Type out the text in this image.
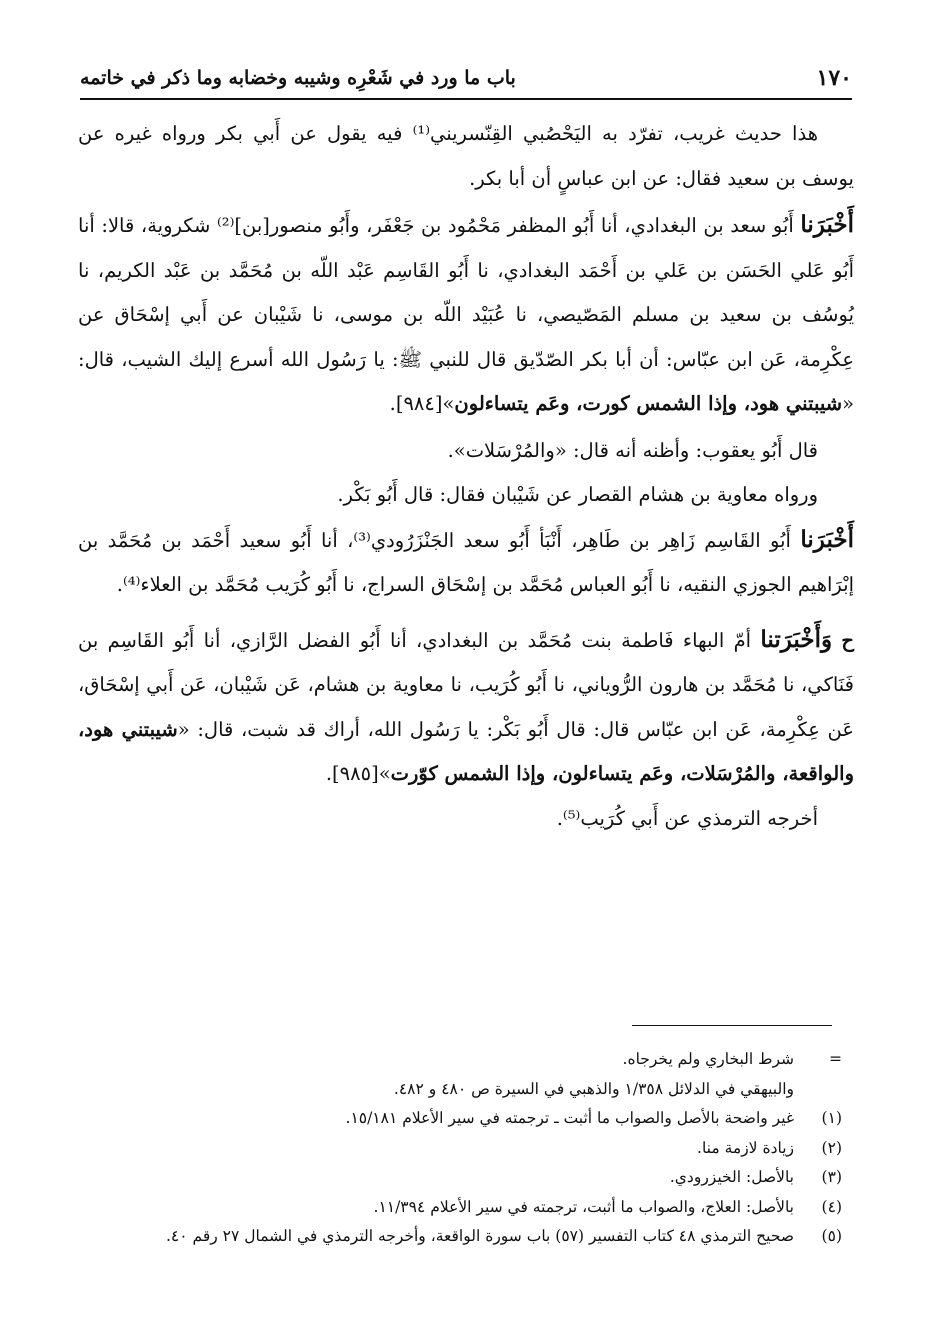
١٧٠
باب ما ورد في شَعْرِه وشيبه وخضابه وما ذكر في خاتمه

هذا حديث غريب، تفرّد به اليَحْصُبي القِنّسريني⁽¹⁾ فيه يقول عن أَبي بكر ورواه غيره عن يوسف بن سعيد فقال: عن ابن عباسٍ أن أبا بكر.

أَخْبَرَنا أَبُو سعد بن البغدادي، أنا أَبُو المظفر مَحْمُود بن جَعْفَر، وأَبُو منصور[بن]⁽²⁾ شكروية، قالا: أنا أَبُو عَلي الحَسَن بن عَلي بن أَحْمَد البغدادي، نا أَبُو القَاسِم عَبْد اللّه بن مُحَمَّد بن عَبْد الكريم، نا يُوسُف بن سعيد بن مسلم المَصّيصي، نا عُبَيْد اللّه بن موسى، نا شَيْبان عن أَبي إسْحَاق عن عِكْرِمة، عَن ابن عبّاس: أن أبا بكر الصّدّيق قال للنبي ﷺ: يا رَسُول الله أسرع إليك الشيب، قال: «شيبتني هود، وإذا الشمس كورت، وعَم يتساءلون»[٩٨٤].

قال أَبُو يعقوب: وأظنه أنه قال: «والمُرْسَلات».

ورواه معاوية بن هشام القصار عن شَيْبان فقال: قال أَبُو بَكْر.

أَخْبَرَنا أَبُو القَاسِم زَاهِر بن طَاهِر، أَنْبَأ أَبُو سعد الجَنْزَرُودي⁽³⁾، أنا أَبُو سعيد أَحْمَد بن مُحَمَّد بن إبْرَاهيم الجوزي النقيه، نا أَبُو العباس مُحَمَّد بن إسْحَاق السراج، نا أَبُو كُرَيب مُحَمَّد بن العلاء⁽⁴⁾.

ح وَأَخْبَرَتنا أمّ البهاء فَاطمة بنت مُحَمَّد بن البغدادي، أنا أَبُو الفضل الرَّازي، أنا أَبُو القَاسِم بن فَنَاكي، نا مُحَمَّد بن هارون الرُّوياني، نا أَبُو كُرَيب، نا معاوية بن هشام، عَن شَيْبان، عَن أَبي إسْحَاق، عَن عِكْرِمة، عَن ابن عبّاس قال: قال أَبُو بَكْر: يا رَسُول الله، أراك قد شبت، قال: «شيبتني هود، والواقعة، والمُرْسَلات، وعَم يتساءلون، وإذا الشمس كوّرت»[٩٨٥].

أخرجه الترمذي عن أَبي كُرَيب⁽⁵⁾.

=
شرط البخاري ولم يخرجاه.

والبيهقي في الدلائل ١/٣٥٨ والذهبي في السيرة ص ٤٨٠ و ٤٨٢.

(١)
غير واضحة بالأصل والصواب ما أثبت ـ ترجمته في سير الأعلام ١٥/١٨١.

(٢)
زيادة لازمة منا.

(٣)
بالأصل: الخيزرودي.

(٤)
بالأصل: العلاج، والصواب ما أثبت، ترجمته في سير الأعلام ١١/٣٩٤.

(٥)
صحيح الترمذي ٤٨ كتاب التفسير (٥٧) باب سورة الواقعة، وأخرجه الترمذي في الشمال ٢٧ رقم ٤٠.
